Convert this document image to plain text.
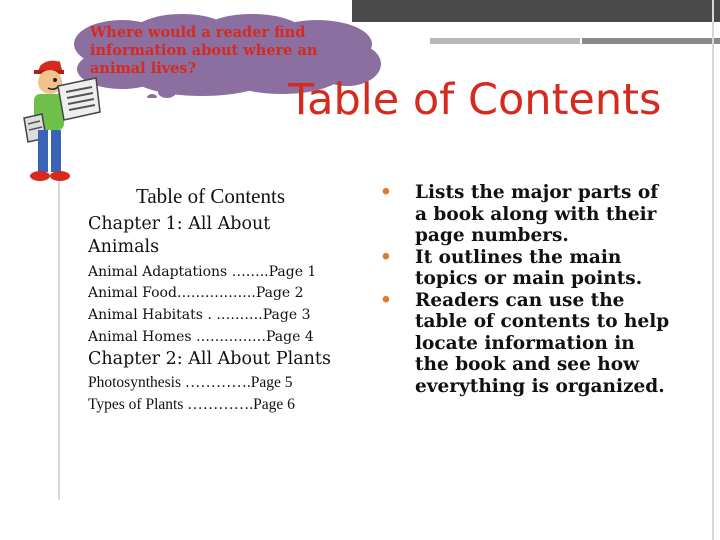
Where would a reader find information about where an animal lives?
Table of Contents
Table of Contents
Chapter 1: All About Animals
Animal Adaptations ……..Page 1
Animal Food……………..Page 2
Animal Habitats . ……….Page 3
Animal Homes ……………Page 4
Chapter 2: All About Plants
Photosynthesis ………….Page 5
Types of Plants ………….Page 6
• Lists the major parts of a book along with their page numbers.
• It outlines the main topics or main points.
• Readers can use the table of contents to help locate information in the book and see how everything is organized.
